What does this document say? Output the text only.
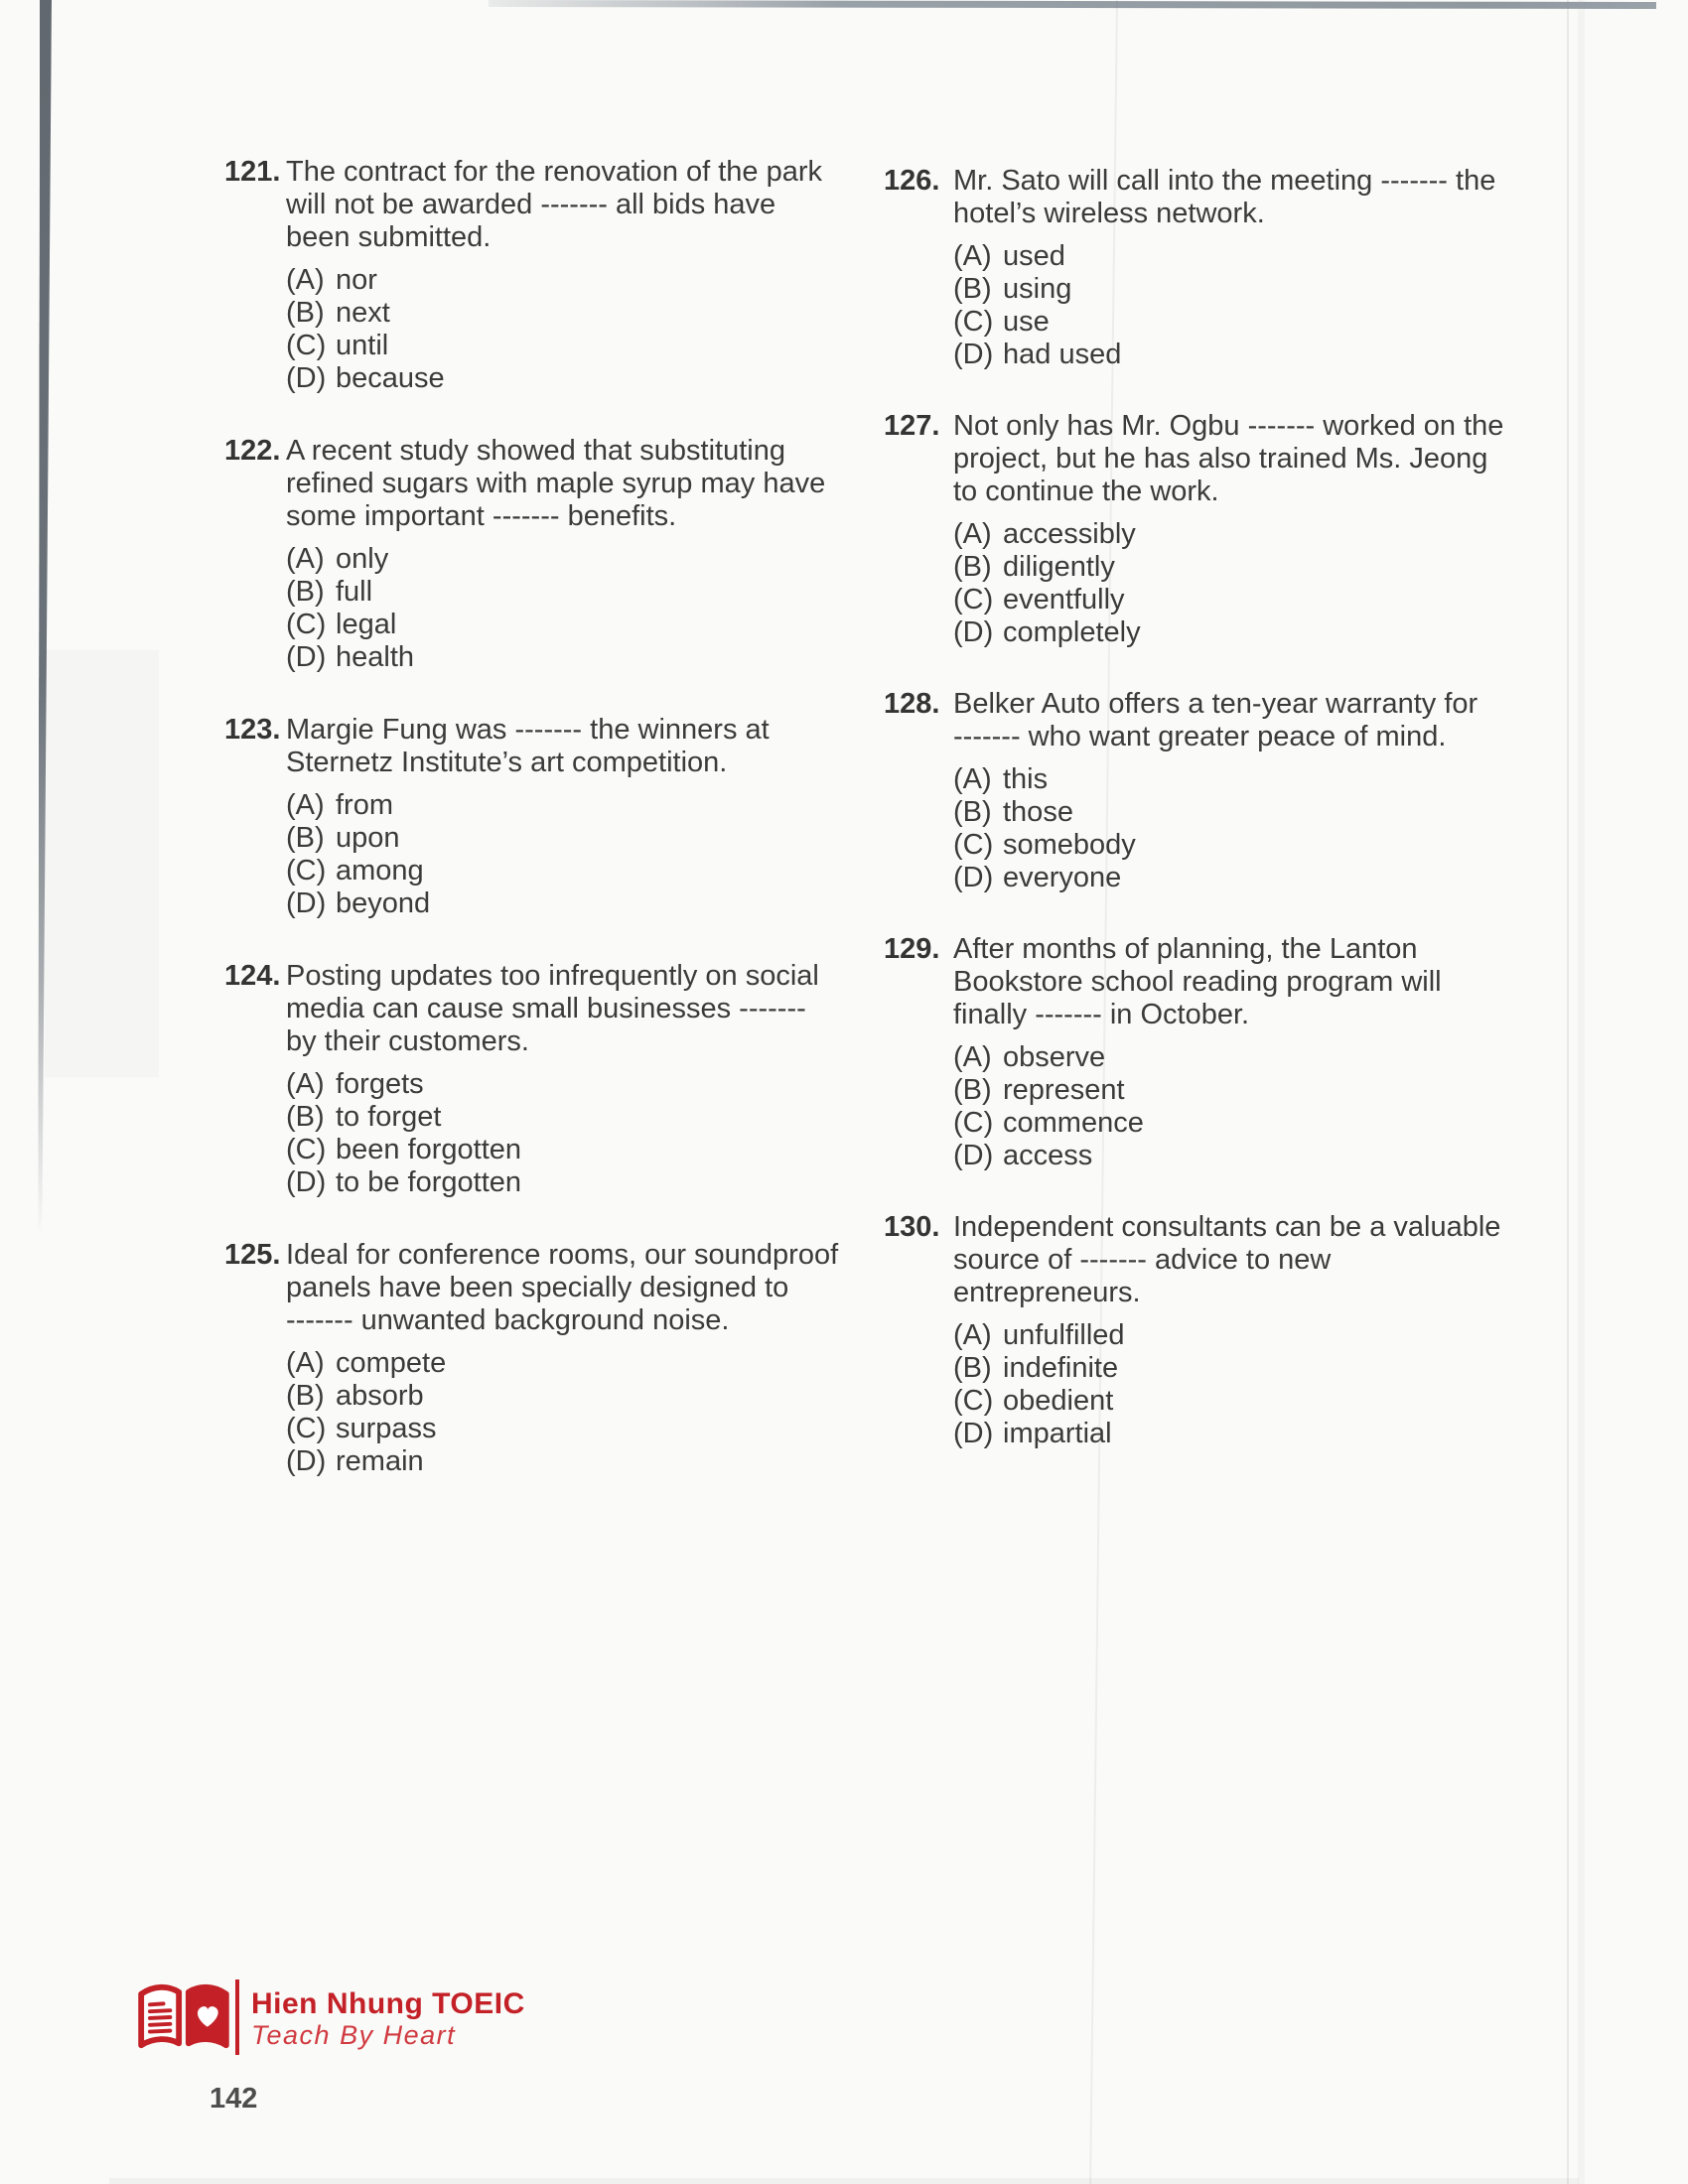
121. The contract for the renovation of the park
will not be awarded ------- all bids have
been submitted.
(A) nor
(B) next
(C) until
(D) because
122. A recent study showed that substituting
refined sugars with maple syrup may have
some important ------- benefits.
(A) only
(B) full
(C) legal
(D) health
123. Margie Fung was ------- the winners at
Sternetz Institute’s art competition.
(A) from
(B) upon
(C) among
(D) beyond
124. Posting updates too infrequently on social
media can cause small businesses -------
by their customers.
(A) forgets
(B) to forget
(C) been forgotten
(D) to be forgotten
125. Ideal for conference rooms, our soundproof
panels have been specially designed to
------- unwanted background noise.
(A) compete
(B) absorb
(C) surpass
(D) remain
126. Mr. Sato will call into the meeting ------- the
hotel’s wireless network.
(A) used
(B) using
(C) use
(D) had used
127. Not only has Mr. Ogbu ------- worked on the
project, but he has also trained Ms. Jeong
to continue the work.
(A) accessibly
(B) diligently
(C) eventfully
(D) completely
128. Belker Auto offers a ten-year warranty for
------- who want greater peace of mind.
(A) this
(B) those
(C) somebody
(D) everyone
129. After months of planning, the Lanton
Bookstore school reading program will
finally ------- in October.
(A) observe
(B) represent
(C) commence
(D) access
130. Independent consultants can be a valuable
source of ------- advice to new
entrepreneurs.
(A) unfulfilled
(B) indefinite
(C) obedient
(D) impartial
Hien Nhung TOEIC
Teach By Heart
142
